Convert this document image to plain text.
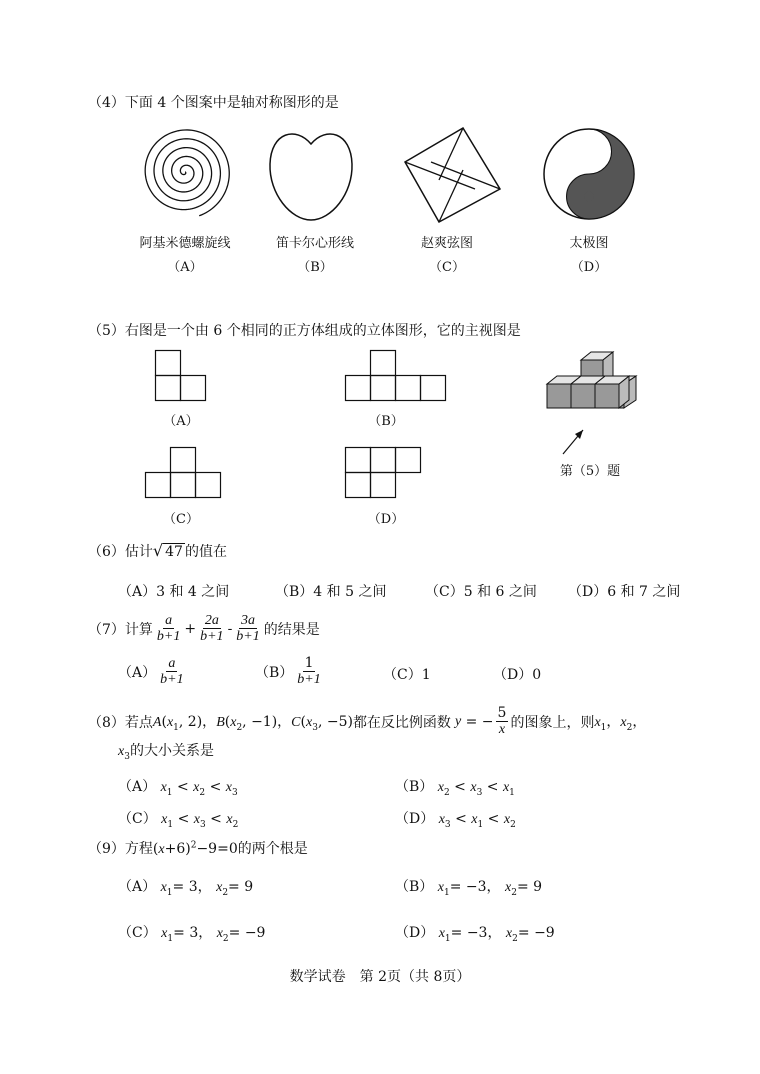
（4）下面 4 个图案中是轴对称图形的是
阿基米德螺旋线
（A）
笛卡尔心形线
（B）
赵爽弦图
（C）
太极图
（D）
（5）右图是一个由 6 个相同的正方体组成的立体图形，它的主视图是
（A）	（B）
第（5）题
（C）	（D）
（6）估计√ 47 的值在
（A）3 和 4 之间	（B）4 和 5 之间	（C）5 和 6 之间 （D）6 和 7 之间
（7）计算 $\frac{a}{b+1} + \frac{2a}{b+1} - \frac{3a}{b+1}$ 的结果是
$(A) \frac{a}{b+1}$	$(B) \frac{1}{b+1}$	（C）1	（D）0
（8）若点 $A(x_1$, 2)，$B(x_2$, −1)，$C(x_3$, −5) 都在反比例函数 y = − $\frac{5}{x}$ 的图象上，则 $x_1$，$x_2$，
$x_3$的大小关系是
（A） $x_1 < x_2 < x_3$	（B） $x_2 < x_3 < x_1$
（C） $x_1 < x_3 < x_2$	（D） $x_3 < x_1 < x_2$
（9）方程$(x+6)^2-9=0$的两个根是
（A） $x_1= 3$， $x_2= 9$	（B） $x_1= -3$， $x_2= 9$
（C） $x_1= 3$， $x_2= -9$	（D） $x_1= -3$， $x_2= -9$
数学试卷　第 2页（共 8页）
